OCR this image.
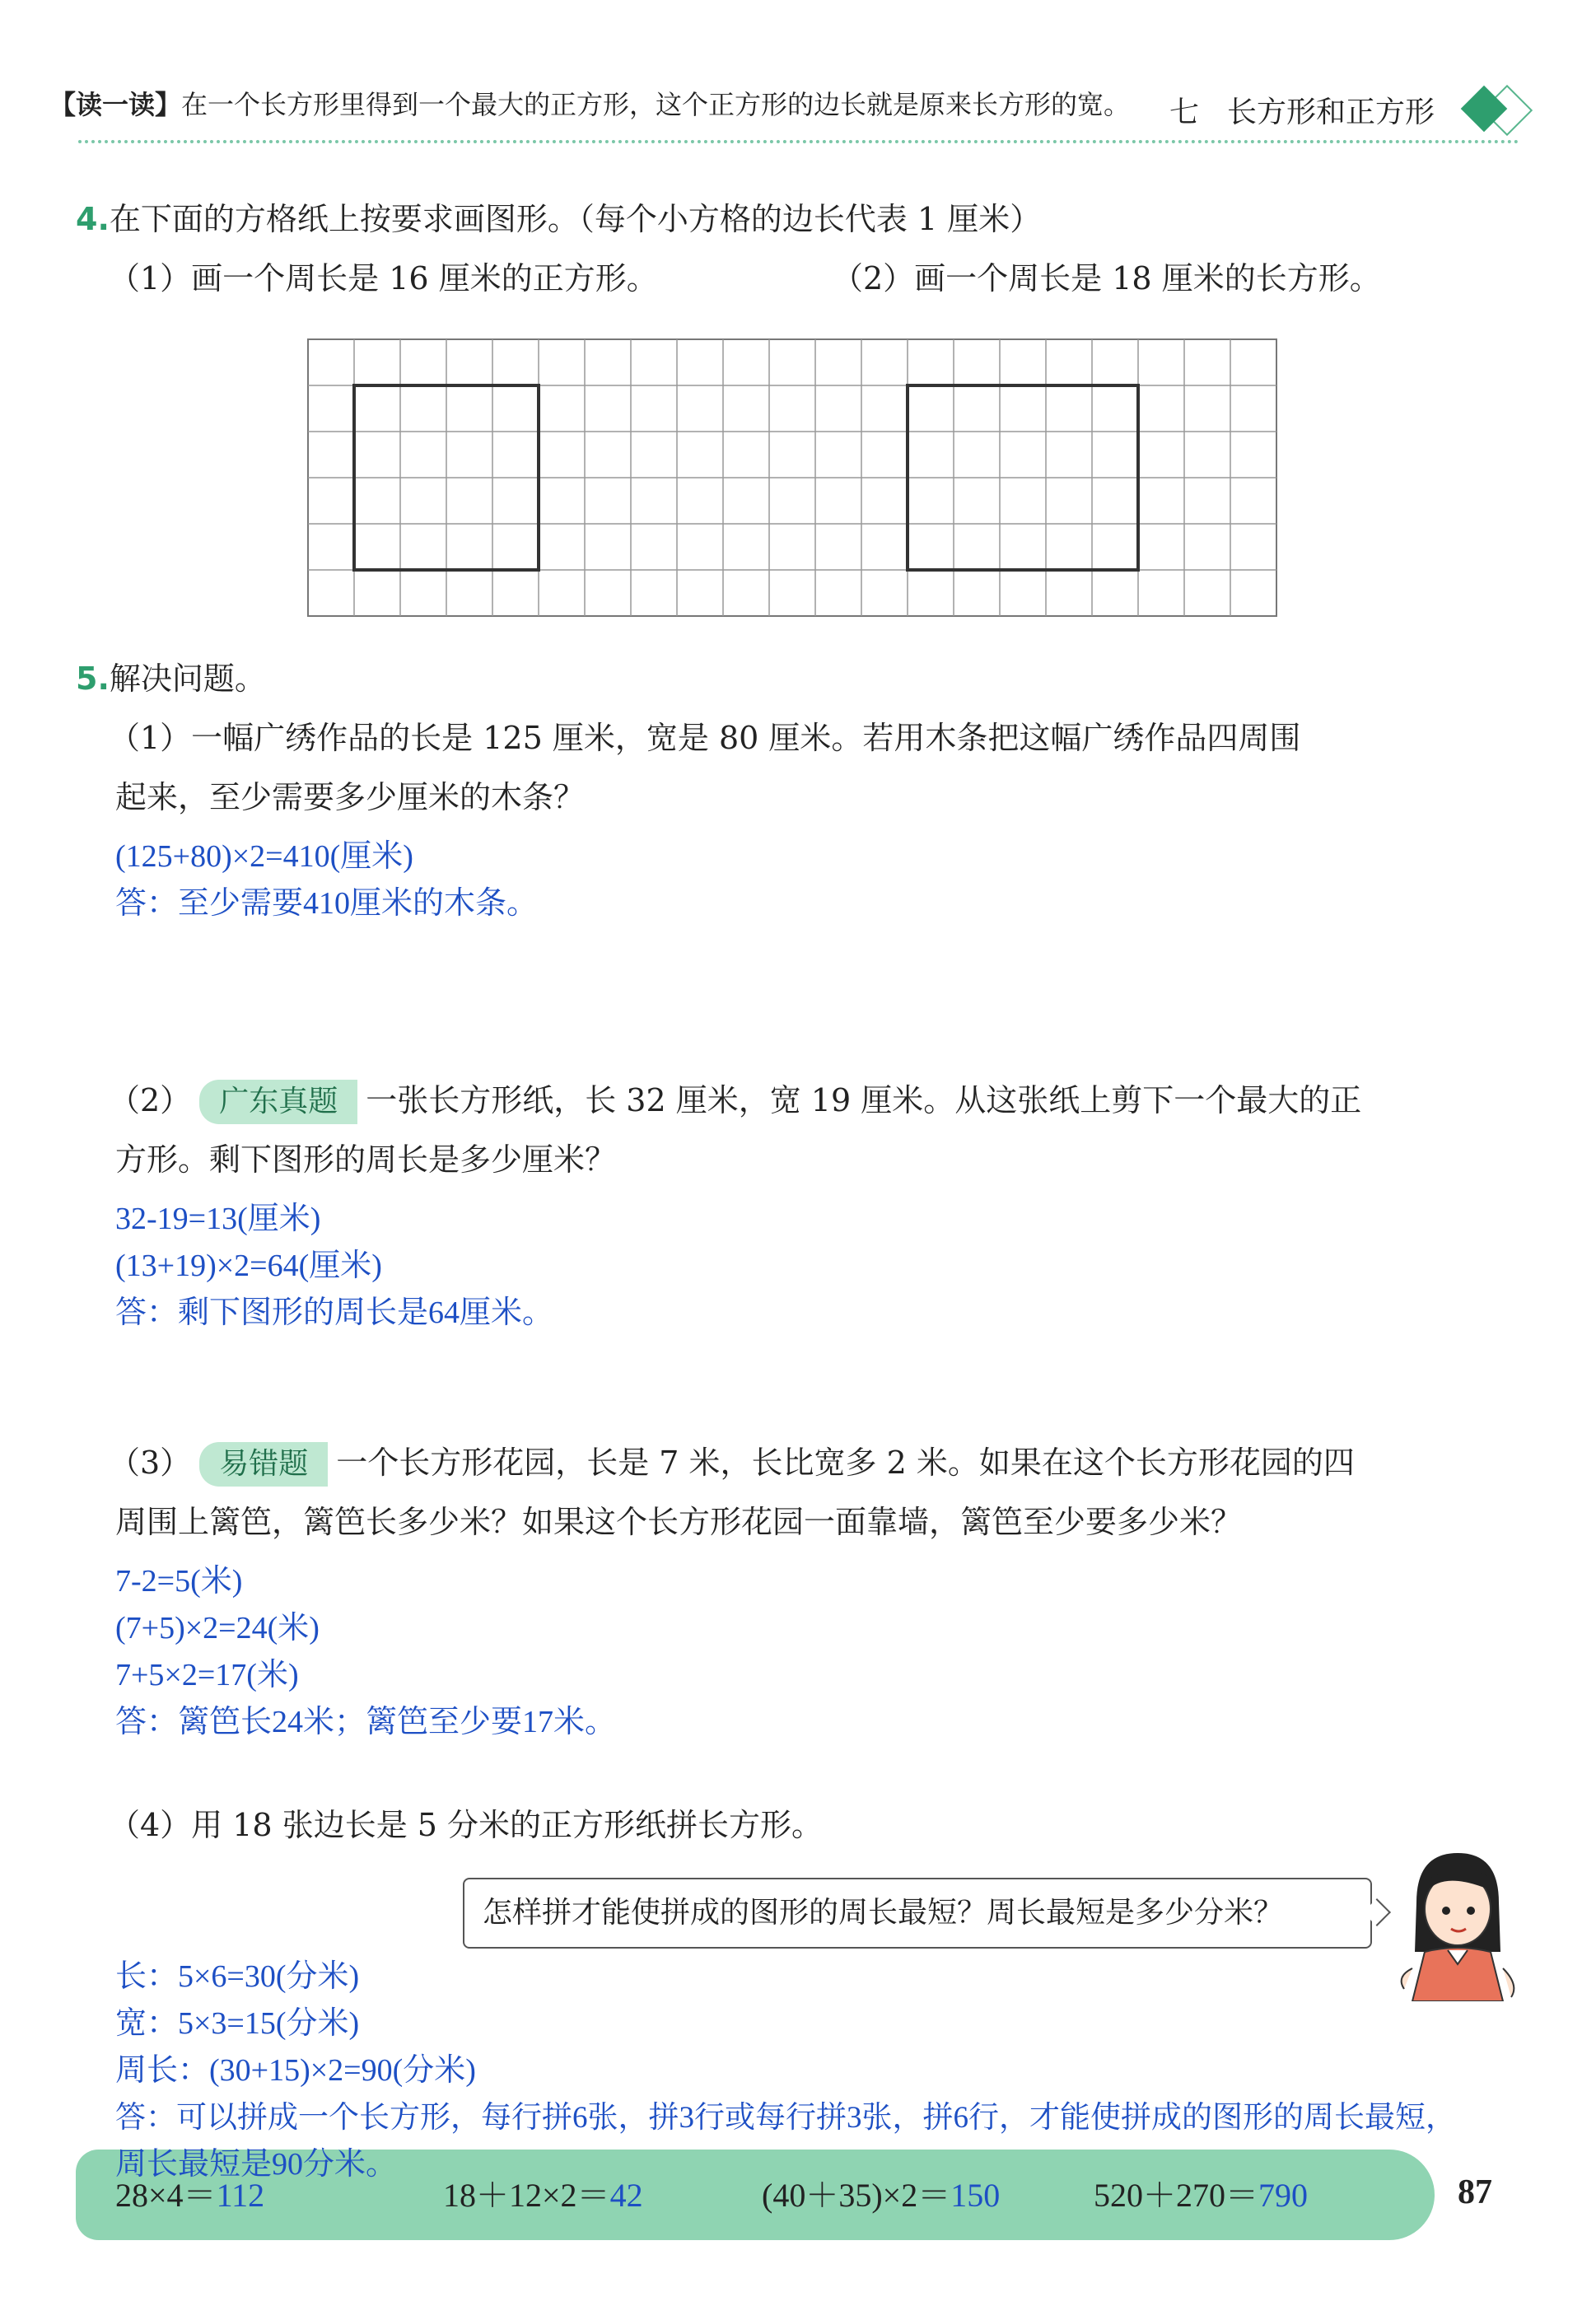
【读一读】在一个长方形里得到一个最大的正方形，这个正方形的边长就是原来长方形的宽。 七 长方形和正方形
4.在下面的方格纸上按要求画图形。（每个小方格的边长代表 1 厘米）
（1）画一个周长是 16 厘米的正方形。	（2）画一个周长是 18 厘米的长方形。
5.解决问题。
（1）一幅广绣作品的长是 125 厘米，宽是 80 厘米。若用木条把这幅广绣作品四周围
起来，至少需要多少厘米的木条？
(125+80)×2=410(厘米)
答：至少需要410厘米的木条。
（2） 广东真题 一张长方形纸，长 32 厘米，宽 19 厘米。从这张纸上剪下一个最大的正
方形。剩下图形的周长是多少厘米？
32-19=13(厘米)
(13+19)×2=64(厘米)
答：剩下图形的周长是64厘米。
（3） 易错题 一个长方形花园，长是 7 米，长比宽多 2 米。如果在这个长方形花园的四
周围上篱笆，篱笆长多少米？如果这个长方形花园一面靠墙，篱笆至少要多少米？
7-2=5(米)
(7+5)×2=24(米)
7+5×2=17(米)
答：篱笆长24米；篱笆至少要17米。
（4）用 18 张边长是 5 分米的正方形纸拼长方形。
怎样拼才能使拼成的图形的周长最短？周长最短是多少分米？
长：5×6=30(分米)
宽：5×3=15(分米)
周长：(30+15)×2=90(分米)
答：可以拼成一个长方形，每行拼6张，拼3行或每行拼3张，拼6行，才能使拼成的图形的周长最短，
周长最短是90分米。
28×4＝112	18＋12×2＝42	(40＋35)×2＝150	520＋270＝790	87
